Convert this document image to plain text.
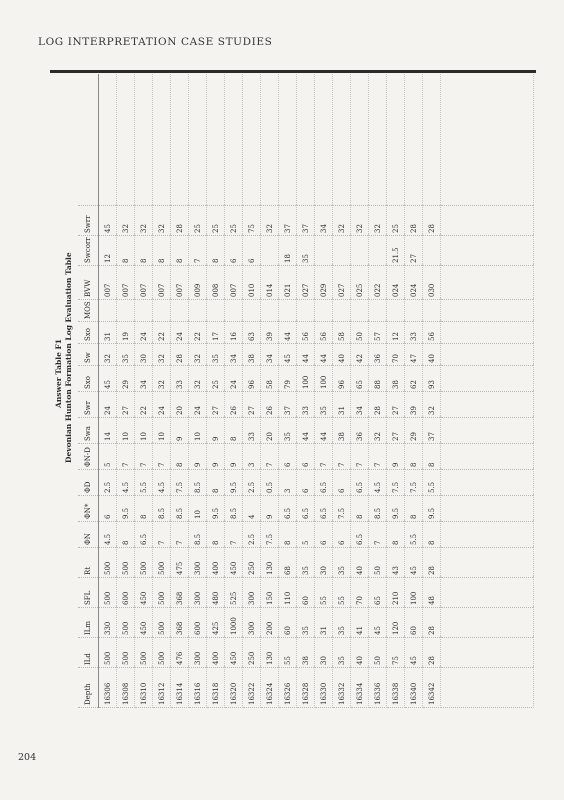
LOG INTERPRETATION CASE STUDIES
Answer Table F1 Devonian Hunton Formation Log Evaluation Table
Depth	ILd	ILm	SFL	Rt	ΦN	ΦN*	ΦD	ΦN-D	Swa	Swr	Sxo	Sw	Sxo	MOS	BVW	Swcorr	Swrr	
16306	500	330	500	500	4.5	6	2.5	5	14	24	45	32	31		007	12	45	
16308	500	500	600	500	8	9.5	4.5	7	10	27	29	35	19		007	8	32	
16310	500	450	450	500	6.5	8	5.5	7	10	22	34	30	24		007	8	32	
16312	500	500	500	500	7	8.5	4.5	7	10	24	32	32	22		007	8	32	
16314	476	368	368	475	7	8.5	7.5	8	9	20	33	28	24		007	8	28	
16316	300	600	300	300	8.5	10	8.5	9	10	24	32	32	22		009	7	25	
16318	400	425	480	400	8	9.5	8	9	9	27	25	35	17		008	8	25	
16320	450	1000	525	450	7	8.5	9.5	9	8	26	24	34	16		007	6	25	
16322	250	300	300	250	2.5	4	2.5	3	33	27	96	38	63		010	6	75	
16324	130	200	150	130	7.5	9	0.5	7	20	26	58	34	39		014		32	
16326	55	60	110	68	8	6.5	3	6	35	37	79	45	44		021	18	37	
16328	38	35	60	35	5	6.5	6	6	44	33	100	44	56		027	35	37	
16330	30	31	55	30	6	6.5	6.5	7	44	35	100	44	56		029		34	
16332	35	35	55	35	6	7.5	6	7	38	31	96	40	58		027		32	
16334	40	41	70	40	6.5	8	6.5	7	36	34	65	42	50		025		32	
16336	50	45	65	50	7	8.5	4.5	7	32	28	88	36	57		022		32	
16338	75	120	210	43	8	9.5	7.5	9	27	27	38	70	12		024	21.5	25	
16340	45	60	100	45	5.5	8	7.5	8	29	39	62	47	33		024	27	28	
16342	28	28	48	28	8	9.5	5.5	8	37	32	93	40	56		030		28	

204
